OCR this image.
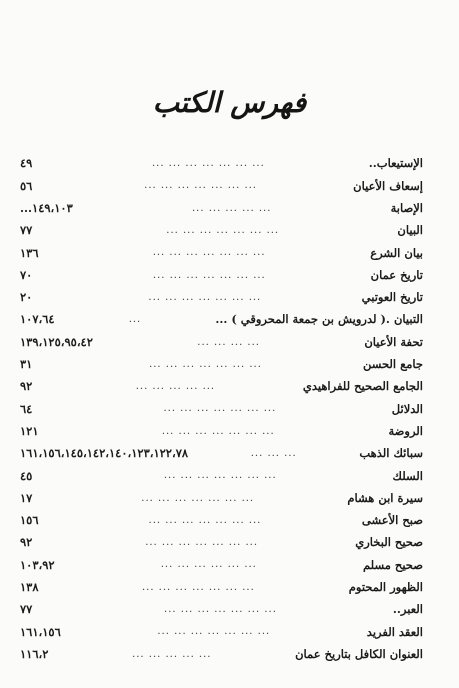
فهرس الكتب
الإستيعاب..
... ... ... ... ... ... ...
٤٩
إسعاف الأعيان
... ... ... ... ... ... ...
٥٦
الإصابة
... ... ... ... ...
١٤٩،١٠٣...
البيان
... ... ... ... ... ... ...
٧٧
بيان الشرع
... ... ... ... ... ... ...
١٣٦
تاريخ عمان
... ... ... ... ... ... ...
٧٠
تاريخ العوتبي
... ... ... ... ... ... ...
٢٠
التبيان .( لدرويش بن جمعة المحروقي ) ...
...
١٠٧،٦٤
تحفة الأعيان
... ... ... ...
١٣٩،١٢٥،٩٥،٤٢
جامع الحسن
... ... ... ... ... ... ...
٣١
الجامع الصحيح للفراهيدي
... ... ... ... ...
٩٢
الدلائل
... ... ... ... ... ... ...
٦٤
الروضة
... ... ... ... ... ... ...
١٢١
سبائك الذهب
... ... ...
١٦١،١٥٦،١٤٥،١٤٢،١٤٠،١٢٣،١٢٢،٧٨
السلك
... ... ... ... ... ... ...
٤٥
سيرة ابن هشام
... ... ... ... ... ... ...
١٧
صبح الأعشى
... ... ... ... ... ... ...
١٥٦
صحيح البخاري
... ... ... ... ... ... ...
٩٢
صحيح مسلم
... ... ... ... ... ...
١٠٣،٩٢
الظهور المحتوم
... ... ... ... ... ... ...
١٣٨
العبر..
... ... ... ... ... ... ...
٧٧
العقد الفريد
... ... ... ... ... ... ...
١٦١،١٥٦
العنوان الكافل بتاريخ عمان
... ... ... ... ...
١١٦،٢
